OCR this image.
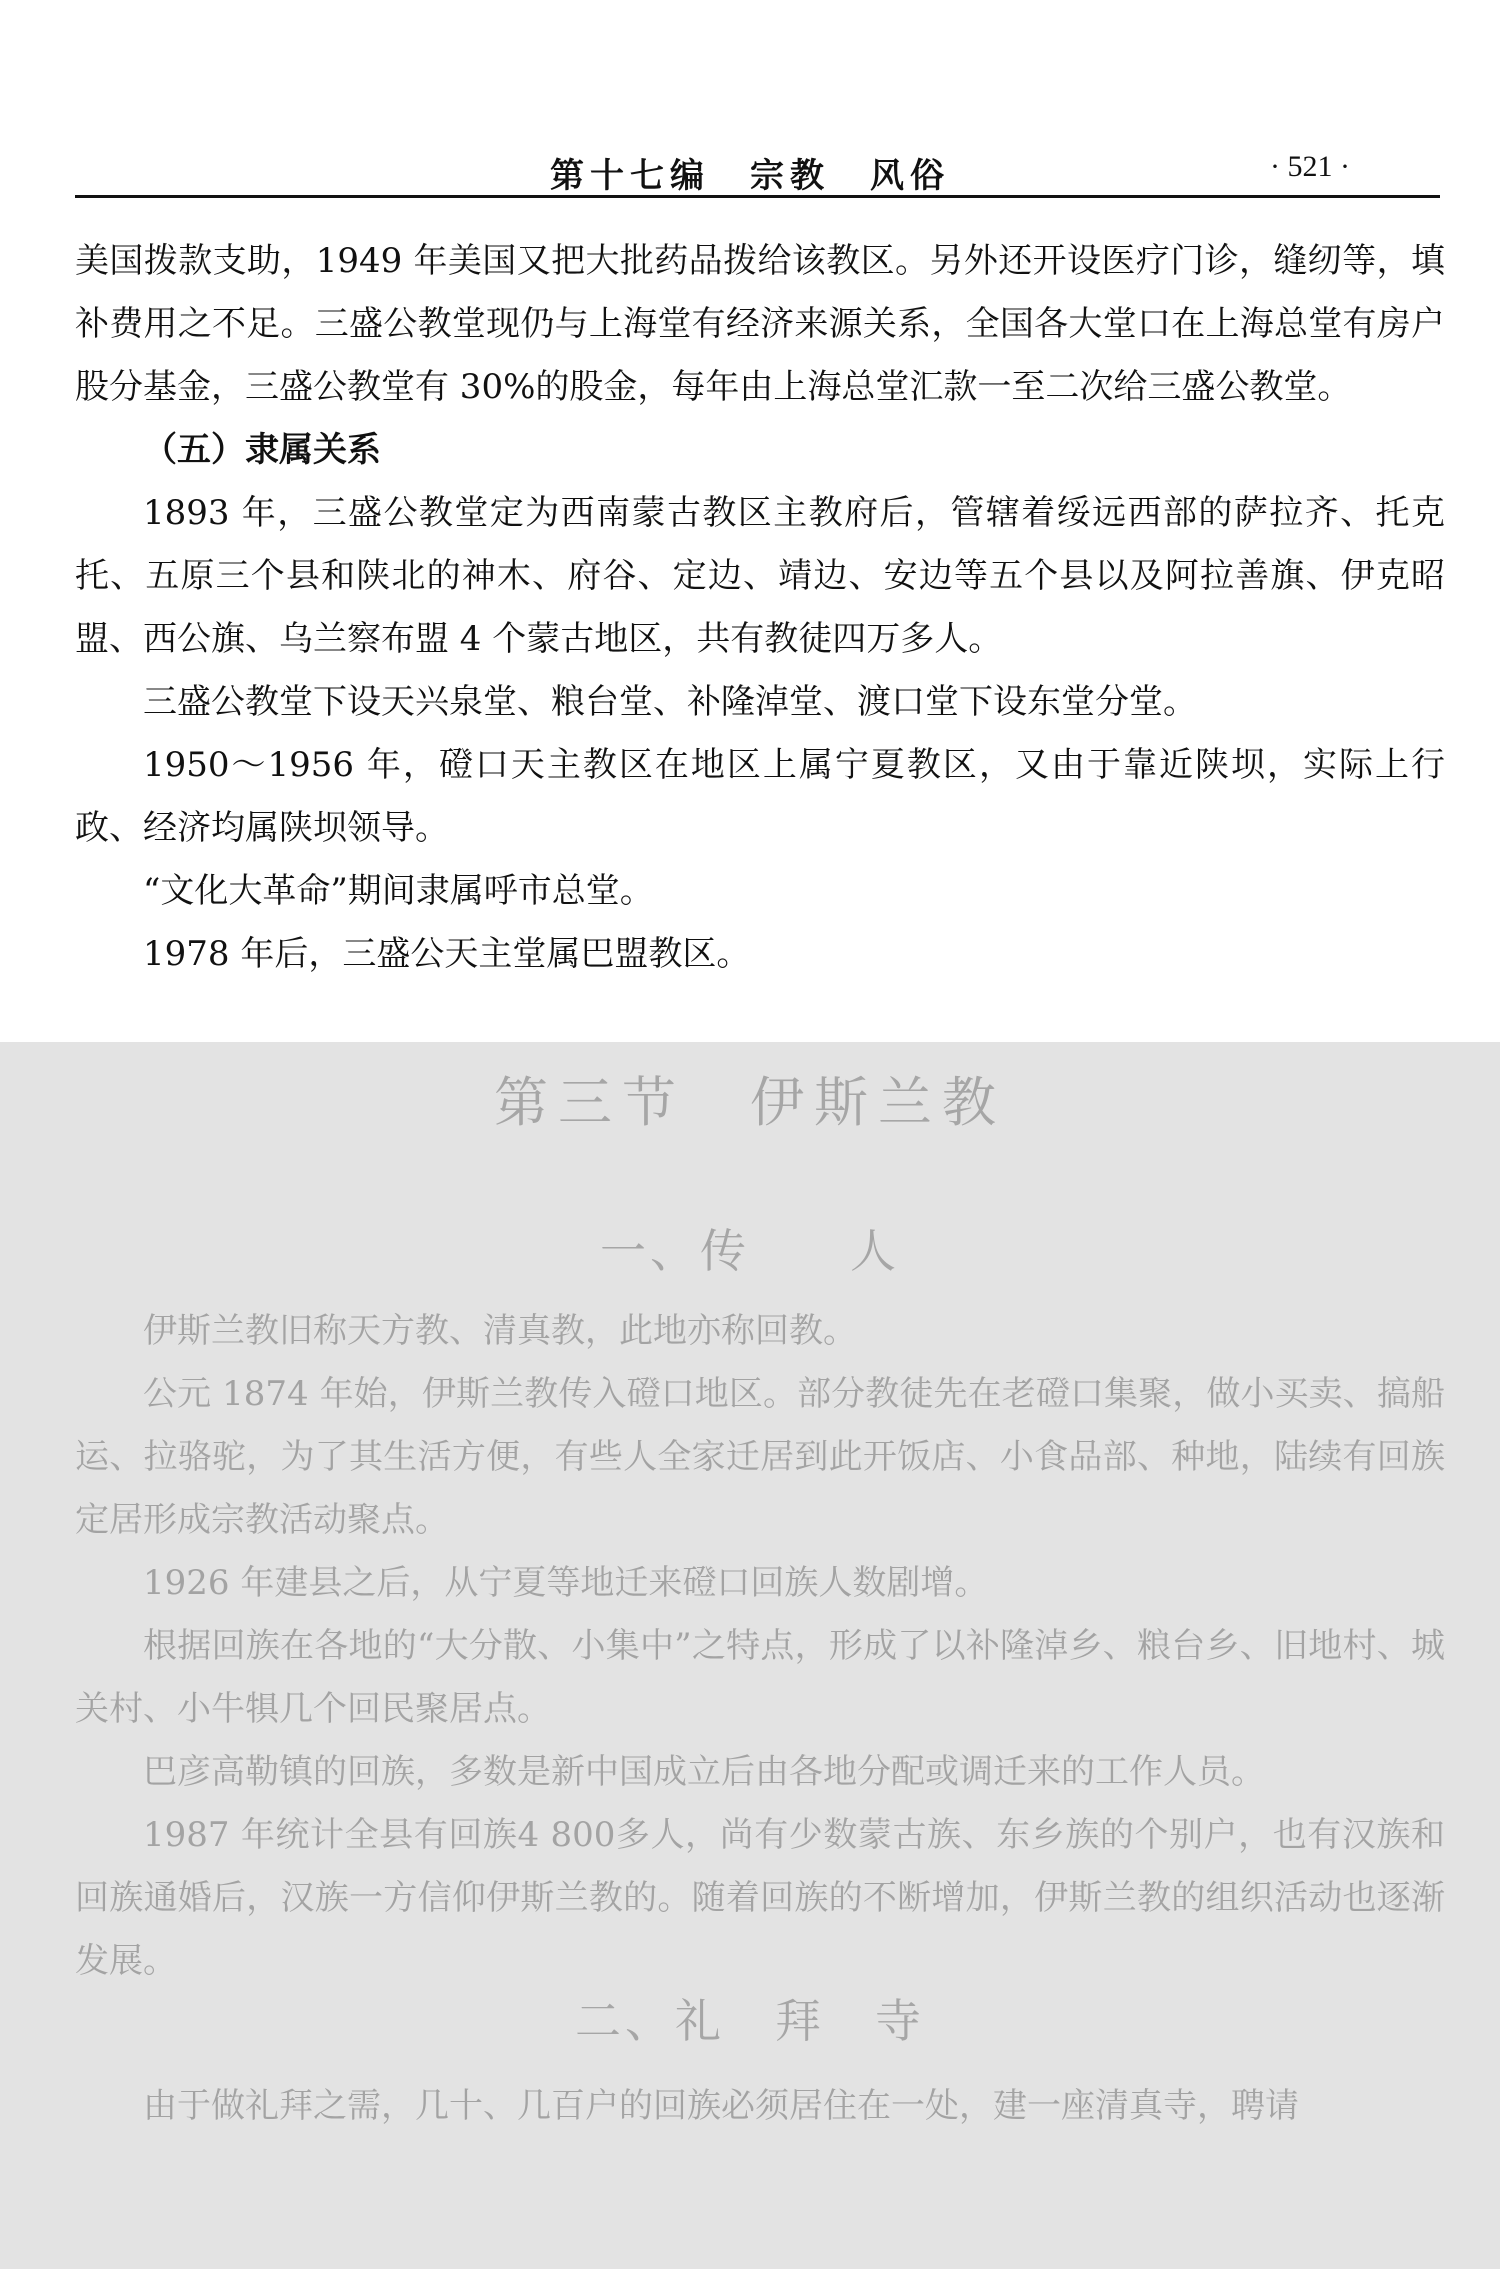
第十七编　宗教　风俗	· 521 ·

美国拨款支助，1949 年美国又把大批药品拨给该教区。另外还开设医疗门诊，缝纫等，填补费用之不足。三盛公教堂现仍与上海堂有经济来源关系，全国各大堂口在上海总堂有房户股分基金，三盛公教堂有 30%的股金，每年由上海总堂汇款一至二次给三盛公教堂。

（五）隶属关系

1893 年，三盛公教堂定为西南蒙古教区主教府后，管辖着绥远西部的萨拉齐、托克托、五原三个县和陕北的神木、府谷、定边、靖边、安边等五个县以及阿拉善旗、伊克昭盟、西公旗、乌兰察布盟 4 个蒙古地区，共有教徒四万多人。

三盛公教堂下设天兴泉堂、粮台堂、补隆淖堂、渡口堂下设东堂分堂。

1950～1956 年，磴口天主教区在地区上属宁夏教区，又由于靠近陕坝，实际上行政、经济均属陕坝领导。

“文化大革命”期间隶属呼市总堂。

1978 年后，三盛公天主堂属巴盟教区。

第三节　伊斯兰教
一、传　　人

伊斯兰教旧称天方教、清真教，此地亦称回教。

公元 1874 年始，伊斯兰教传入磴口地区。部分教徒先在老磴口集聚，做小买卖、搞船运、拉骆驼，为了其生活方便，有些人全家迁居到此开饭店、小食品部、种地，陆续有回族定居形成宗教活动聚点。

1926 年建县之后，从宁夏等地迁来磴口回族人数剧增。

根据回族在各地的“大分散、小集中”之特点，形成了以补隆淖乡、粮台乡、旧地村、城关村、小牛犋几个回民聚居点。

巴彦高勒镇的回族，多数是新中国成立后由各地分配或调迁来的工作人员。

1987 年统计全县有回族4 800多人，尚有少数蒙古族、东乡族的个别户，也有汉族和回族通婚后，汉族一方信仰伊斯兰教的。随着回族的不断增加，伊斯兰教的组织活动也逐渐发展。

二、礼　拜　寺

由于做礼拜之需，几十、几百户的回族必须居住在一处，建一座清真寺，聘请
